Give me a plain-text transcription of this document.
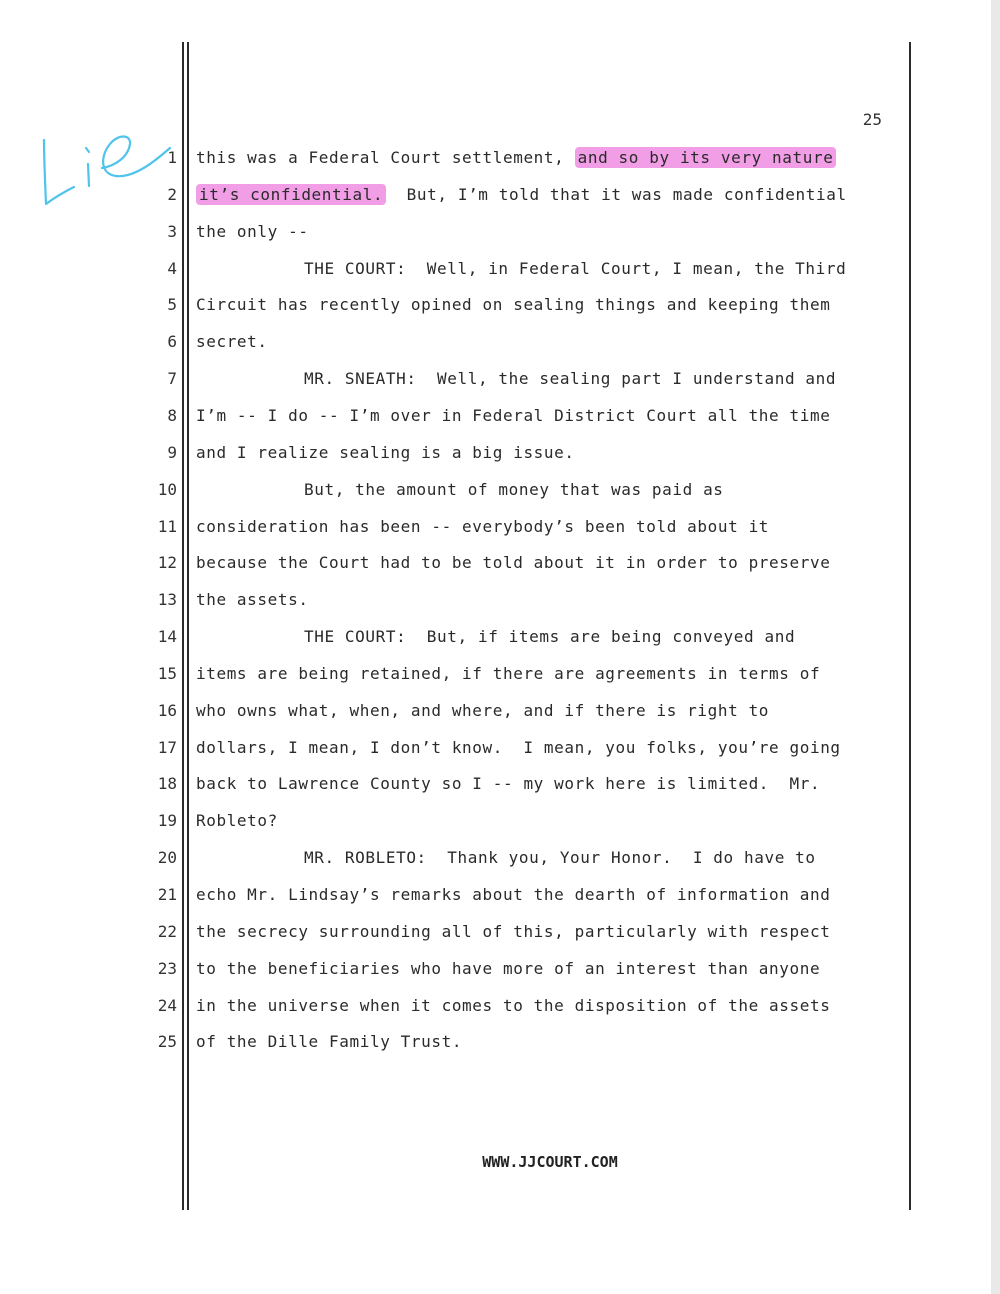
25
1 this was a Federal Court settlement, and so by its very nature
2 it’s confidential.  But, I’m told that it was made confidential
3 the only --
4	THE COURT:  Well, in Federal Court, I mean, the Third
5 Circuit has recently opined on sealing things and keeping them
6 secret.
7	MR. SNEATH:  Well, the sealing part I understand and
8 I’m -- I do -- I’m over in Federal District Court all the time
9 and I realize sealing is a big issue.
10	But, the amount of money that was paid as
11 consideration has been -- everybody’s been told about it
12 because the Court had to be told about it in order to preserve
13 the assets.
14	THE COURT:  But, if items are being conveyed and
15 items are being retained, if there are agreements in terms of
16 who owns what, when, and where, and if there is right to
17 dollars, I mean, I don’t know.  I mean, you folks, you’re going
18 back to Lawrence County so I -- my work here is limited.  Mr.
19 Robleto?
20	MR. ROBLETO:  Thank you, Your Honor.  I do have to
21 echo Mr. Lindsay’s remarks about the dearth of information and
22 the secrecy surrounding all of this, particularly with respect
23 to the beneficiaries who have more of an interest than anyone
24 in the universe when it comes to the disposition of the assets
25 of the Dille Family Trust.
WWW.JJCOURT.COM
